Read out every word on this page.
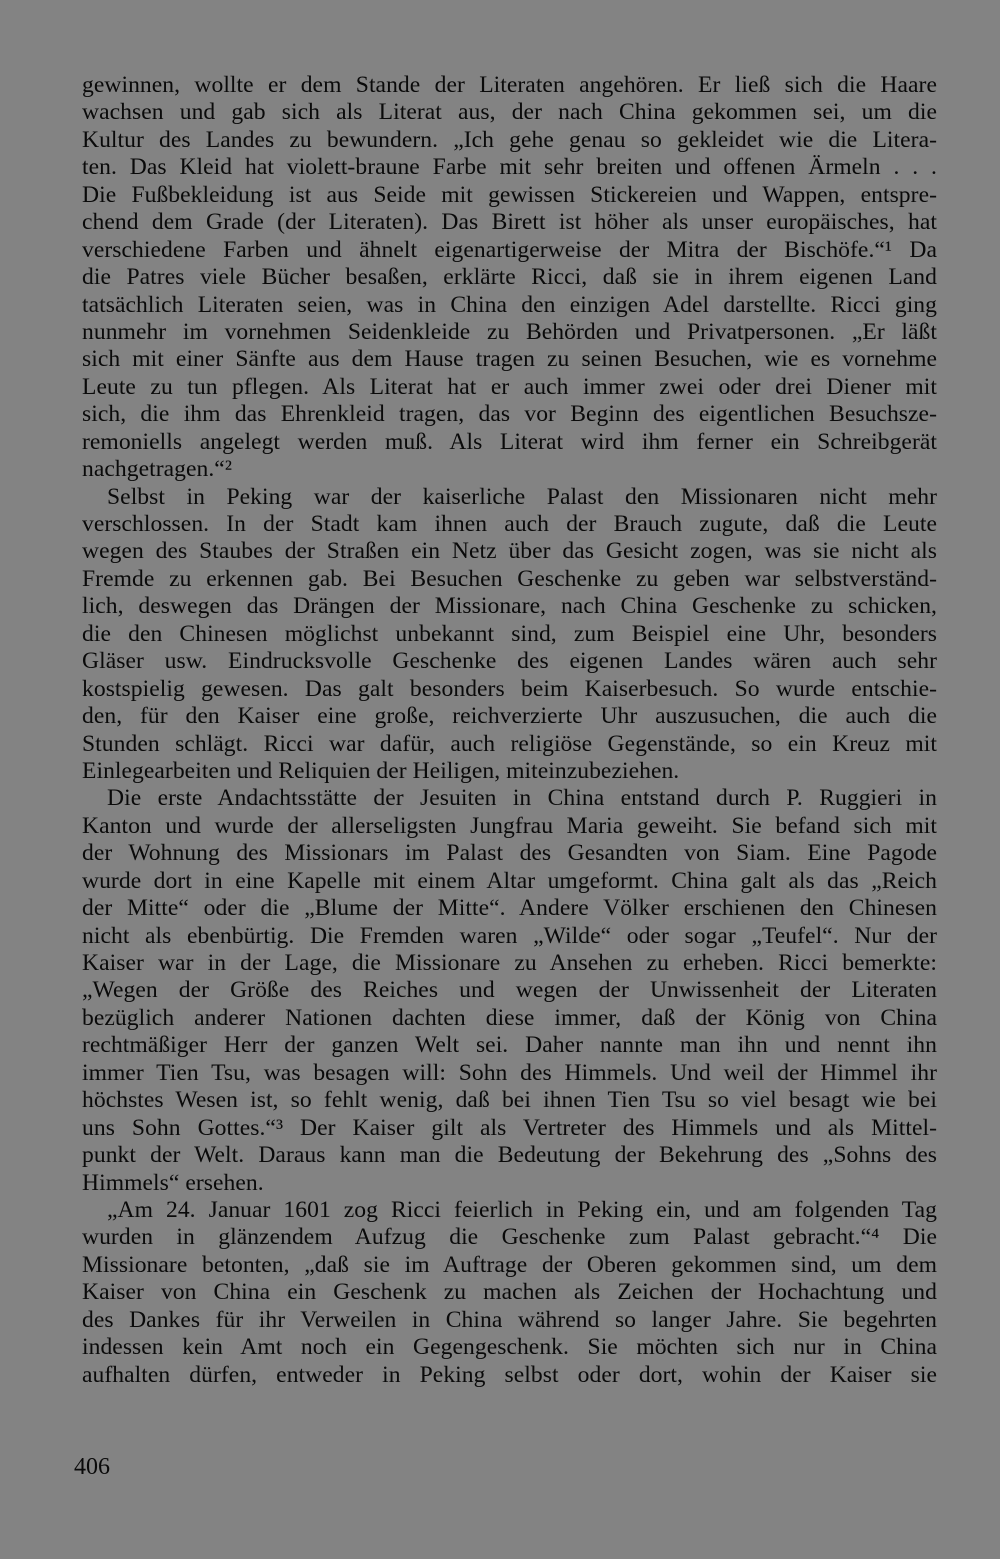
gewinnen, wollte er dem Stande der Literaten angehören. Er ließ sich die Haare
wachsen und gab sich als Literat aus, der nach China gekommen sei, um die
Kultur des Landes zu bewundern. „Ich gehe genau so gekleidet wie die Litera-
ten. Das Kleid hat violett-braune Farbe mit sehr breiten und offenen Ärmeln . . .
Die Fußbekleidung ist aus Seide mit gewissen Stickereien und Wappen, entspre-
chend dem Grade (der Literaten). Das Birett ist höher als unser europäisches, hat
verschiedene Farben und ähnelt eigenartigerweise der Mitra der Bischöfe.“¹ Da
die Patres viele Bücher besaßen, erklärte Ricci, daß sie in ihrem eigenen Land
tatsächlich Literaten seien, was in China den einzigen Adel darstellte. Ricci ging
nunmehr im vornehmen Seidenkleide zu Behörden und Privatpersonen. „Er läßt
sich mit einer Sänfte aus dem Hause tragen zu seinen Besuchen, wie es vornehme
Leute zu tun pflegen. Als Literat hat er auch immer zwei oder drei Diener mit
sich, die ihm das Ehrenkleid tragen, das vor Beginn des eigentlichen Besuchsze-
remoniells angelegt werden muß. Als Literat wird ihm ferner ein Schreibgerät
nachgetragen.“²
Selbst in Peking war der kaiserliche Palast den Missionaren nicht mehr
verschlossen. In der Stadt kam ihnen auch der Brauch zugute, daß die Leute
wegen des Staubes der Straßen ein Netz über das Gesicht zogen, was sie nicht als
Fremde zu erkennen gab. Bei Besuchen Geschenke zu geben war selbstverständ-
lich, deswegen das Drängen der Missionare, nach China Geschenke zu schicken,
die den Chinesen möglichst unbekannt sind, zum Beispiel eine Uhr, besonders
Gläser usw. Eindrucksvolle Geschenke des eigenen Landes wären auch sehr
kostspielig gewesen. Das galt besonders beim Kaiserbesuch. So wurde entschie-
den, für den Kaiser eine große, reichverzierte Uhr auszusuchen, die auch die
Stunden schlägt. Ricci war dafür, auch religiöse Gegenstände, so ein Kreuz mit
Einlegearbeiten und Reliquien der Heiligen, miteinzubeziehen.
Die erste Andachtsstätte der Jesuiten in China entstand durch P. Ruggieri in
Kanton und wurde der allerseligsten Jungfrau Maria geweiht. Sie befand sich mit
der Wohnung des Missionars im Palast des Gesandten von Siam. Eine Pagode
wurde dort in eine Kapelle mit einem Altar umgeformt. China galt als das „Reich
der Mitte“ oder die „Blume der Mitte“. Andere Völker erschienen den Chinesen
nicht als ebenbürtig. Die Fremden waren „Wilde“ oder sogar „Teufel“. Nur der
Kaiser war in der Lage, die Missionare zu Ansehen zu erheben. Ricci bemerkte:
„Wegen der Größe des Reiches und wegen der Unwissenheit der Literaten
bezüglich anderer Nationen dachten diese immer, daß der König von China
rechtmäßiger Herr der ganzen Welt sei. Daher nannte man ihn und nennt ihn
immer Tien Tsu, was besagen will: Sohn des Himmels. Und weil der Himmel ihr
höchstes Wesen ist, so fehlt wenig, daß bei ihnen Tien Tsu so viel besagt wie bei
uns Sohn Gottes.“³ Der Kaiser gilt als Vertreter des Himmels und als Mittel-
punkt der Welt. Daraus kann man die Bedeutung der Bekehrung des „Sohns des
Himmels“ ersehen.
„Am 24. Januar 1601 zog Ricci feierlich in Peking ein, und am folgenden Tag
wurden in glänzendem Aufzug die Geschenke zum Palast gebracht.“⁴ Die
Missionare betonten, „daß sie im Auftrage der Oberen gekommen sind, um dem
Kaiser von China ein Geschenk zu machen als Zeichen der Hochachtung und
des Dankes für ihr Verweilen in China während so langer Jahre. Sie begehrten
indessen kein Amt noch ein Gegengeschenk. Sie möchten sich nur in China
aufhalten dürfen, entweder in Peking selbst oder dort, wohin der Kaiser sie
406
